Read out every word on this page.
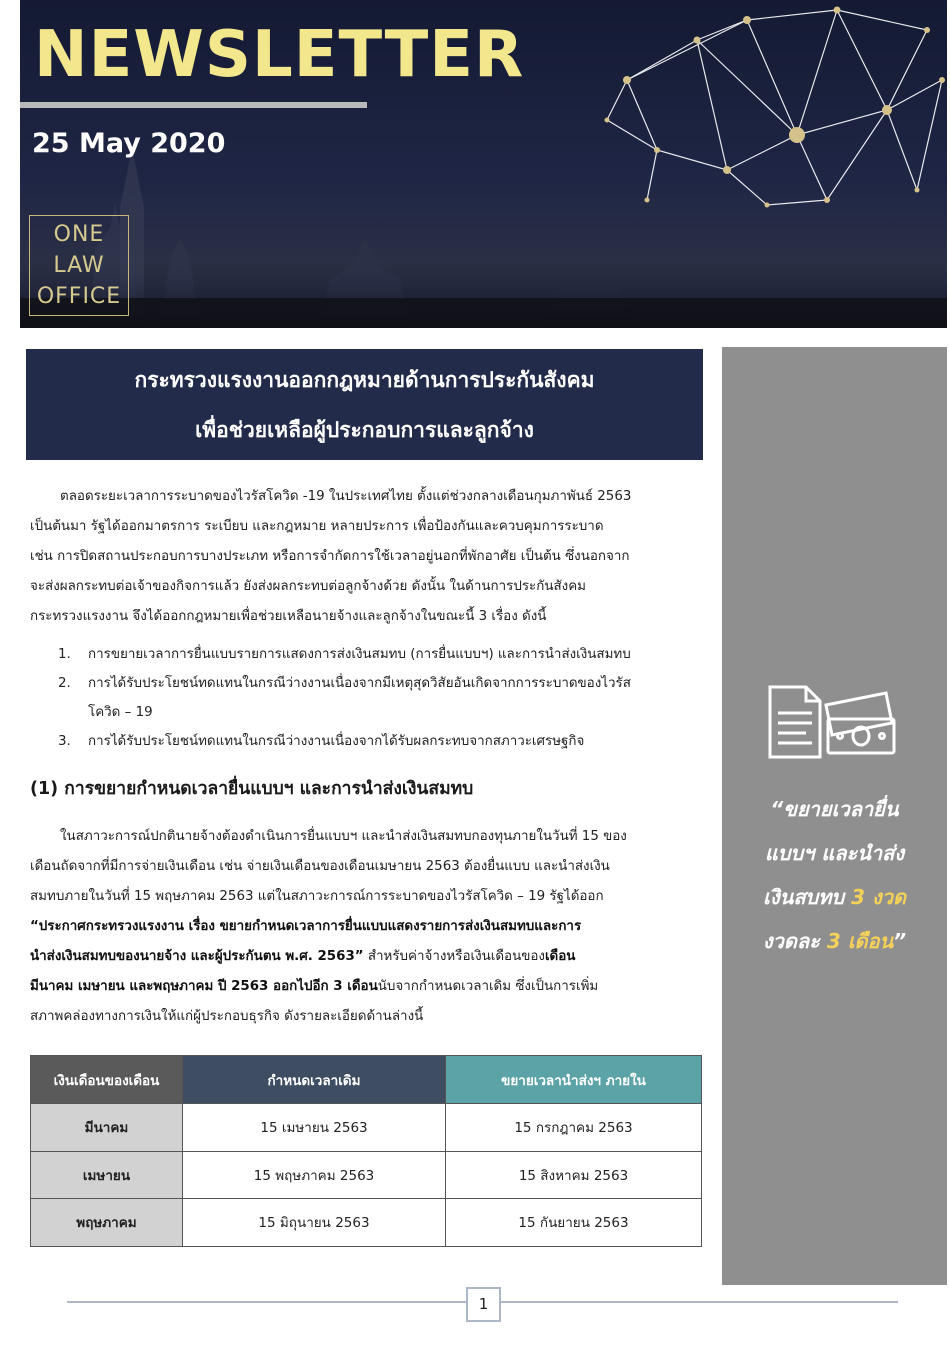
NEWSLETTER
25 May 2020
ONE
LAW
OFFICE
กระทรวงแรงงานออกกฎหมายด้านการประกันสังคม
เพื่อช่วยเหลือผู้ประกอบการและลูกจ้าง
“ขยายเวลายื่น
แบบฯ และนำส่ง
เงินสบทบ 3 งวด
งวดละ 3 เดือน”
ตลอดระยะเวลาการระบาดของไวรัสโควิด -19 ในประเทศไทย ตั้งแต่ช่วงกลางเดือนกุมภาพันธ์ 2563
เป็นต้นมา รัฐได้ออกมาตรการ ระเบียบ และกฎหมาย หลายประการ เพื่อป้องกันและควบคุมการระบาด
เช่น การปิดสถานประกอบการบางประเภท หรือการจำกัดการใช้เวลาอยู่นอกที่พักอาศัย เป็นต้น ซึ่งนอกจาก
จะส่งผลกระทบต่อเจ้าของกิจการแล้ว ยังส่งผลกระทบต่อลูกจ้างด้วย ดังนั้น ในด้านการประกันสังคม
กระทรวงแรงงาน จึงได้ออกกฎหมายเพื่อช่วยเหลือนายจ้างและลูกจ้างในขณะนี้ 3 เรื่อง ดังนี้
1.	การขยายเวลาการยื่นแบบรายการแสดงการส่งเงินสมทบ (การยื่นแบบฯ) และการนำส่งเงินสมทบ
2.	การได้รับประโยชน์ทดแทนในกรณีว่างงานเนื่องจากมีเหตุสุดวิสัยอันเกิดจากการระบาดของไวรัส
โควิด – 19
3.	การได้รับประโยชน์ทดแทนในกรณีว่างงานเนื่องจากได้รับผลกระทบจากสภาวะเศรษฐกิจ
(1) การขยายกำหนดเวลายื่นแบบฯ และการนำส่งเงินสมทบ
ในสภาวะการณ์ปกตินายจ้างต้องดำเนินการยื่นแบบฯ และนำส่งเงินสมทบกองทุนภายในวันที่ 15 ของ
เดือนถัดจากที่มีการจ่ายเงินเดือน เช่น จ่ายเงินเดือนของเดือนเมษายน 2563 ต้องยื่นแบบ และนำส่งเงิน
สมทบภายในวันที่ 15 พฤษภาคม 2563 แต่ในสภาวะการณ์การระบาดของไวรัสโควิด – 19 รัฐได้ออก
“ประกาศกระทรวงแรงงาน เรื่อง ขยายกำหนดเวลาการยื่นแบบแสดงรายการส่งเงินสมทบและการ
นำส่งเงินสมทบของนายจ้าง และผู้ประกันตน พ.ศ. 2563” สำหรับค่าจ้างหรือเงินเดือนของเดือน
มีนาคม เมษายน และพฤษภาคม ปี 2563 ออกไปอีก 3 เดือนนับจากกำหนดเวลาเดิม ซึ่งเป็นการเพิ่ม
สภาพคล่องทางการเงินให้แก่ผู้ประกอบธุรกิจ ดังรายละเอียดด้านล่างนี้
เงินเดือนของเดือน	กำหนดเวลาเดิม	ขยายเวลานำส่งฯ ภายใน
มีนาคม	15 เมษายน 2563	15 กรกฎาคม 2563
เมษายน	15 พฤษภาคม 2563	15 สิงหาคม 2563
พฤษภาคม	15 มิถุนายน 2563	15 กันยายน 2563
1
